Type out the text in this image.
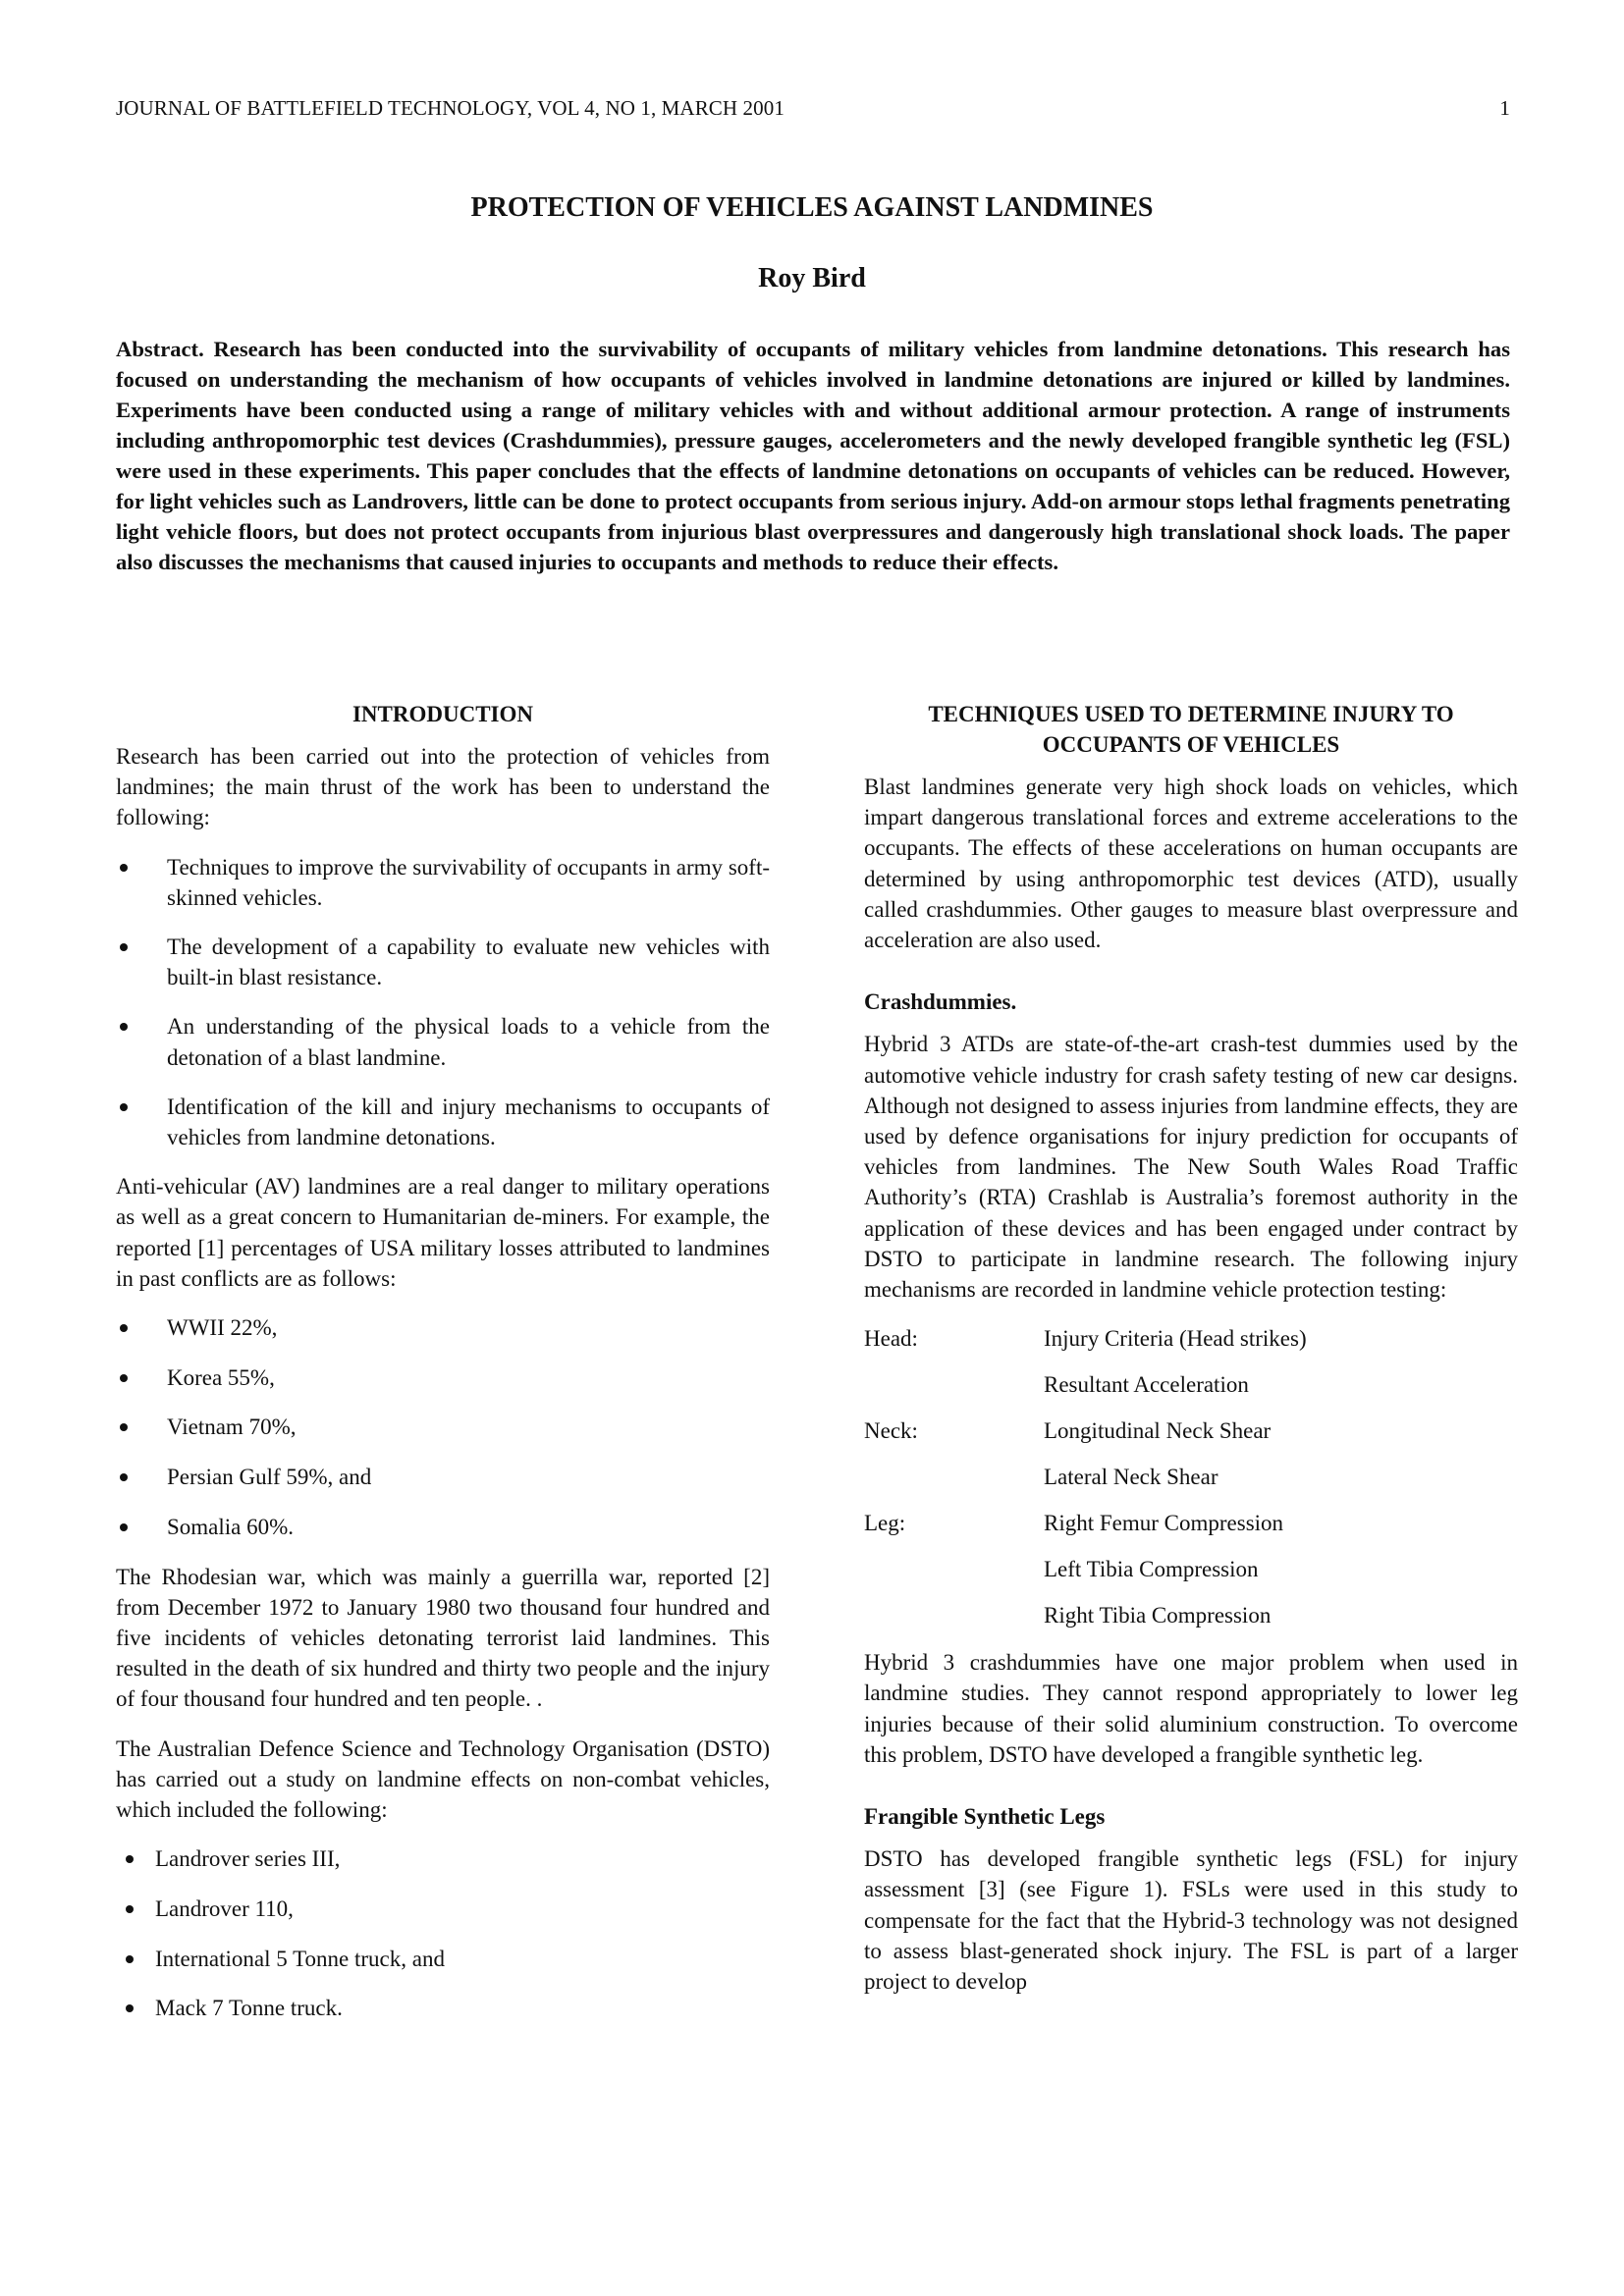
JOURNAL OF BATTLEFIELD TECHNOLOGY, VOL 4, NO 1, MARCH 2001	1
PROTECTION OF VEHICLES AGAINST LANDMINES
Roy Bird
Abstract. Research has been conducted into the survivability of occupants of military vehicles from landmine detonations. This research has focused on understanding the mechanism of how occupants of vehicles involved in landmine detonations are injured or killed by landmines. Experiments have been conducted using a range of military vehicles with and without additional armour protection. A range of instruments including anthropomorphic test devices (Crashdummies), pressure gauges, accelerometers and the newly developed frangible synthetic leg (FSL) were used in these experiments. This paper concludes that the effects of landmine detonations on occupants of vehicles can be reduced. However, for light vehicles such as Landrovers, little can be done to protect occupants from serious injury. Add-on armour stops lethal fragments penetrating light vehicle floors, but does not protect occupants from injurious blast overpressures and dangerously high translational shock loads. The paper also discusses the mechanisms that caused injuries to occupants and methods to reduce their effects.
INTRODUCTION

Research has been carried out into the protection of vehicles from landmines; the main thrust of the work has been to understand the following:

Techniques to improve the survivability of occupants in army soft-skinned vehicles.
The development of a capability to evaluate new vehicles with built-in blast resistance.
An understanding of the physical loads to a vehicle from the detonation of a blast landmine.
Identification of the kill and injury mechanisms to occupants of vehicles from landmine detonations.

Anti-vehicular (AV) landmines are a real danger to military operations as well as a great concern to Humanitarian de-miners. For example, the reported [1] percentages of USA military losses attributed to landmines in past conflicts are as follows:

WWII 22%,
Korea 55%,
Vietnam 70%,
Persian Gulf 59%, and
Somalia 60%.

The Rhodesian war, which was mainly a guerrilla war, reported [2] from December 1972 to January 1980 two thousand four hundred and five incidents of vehicles detonating terrorist laid landmines. This resulted in the death of six hundred and thirty two people and the injury of four thousand four hundred and ten people. .

The Australian Defence Science and Technology Organisation (DSTO) has carried out a study on landmine effects on non-combat vehicles, which included the following:

Landrover series III,
Landrover 110,
International 5 Tonne truck, and
Mack 7 Tonne truck.
TECHNIQUES USED TO DETERMINE INJURY TO OCCUPANTS OF VEHICLES

Blast landmines generate very high shock loads on vehicles, which impart dangerous translational forces and extreme accelerations to the occupants. The effects of these accelerations on human occupants are determined by using anthropomorphic test devices (ATD), usually called crashdummies. Other gauges to measure blast overpressure and acceleration are also used.

Crashdummies.

Hybrid 3 ATDs are state-of-the-art crash-test dummies used by the automotive vehicle industry for crash safety testing of new car designs. Although not designed to assess injuries from landmine effects, they are used by defence organisations for injury prediction for occupants of vehicles from landmines. The New South Wales Road Traffic Authority’s (RTA) Crashlab is Australia’s foremost authority in the application of these devices and has been engaged under contract by DSTO to participate in landmine research. The following injury mechanisms are recorded in landmine vehicle protection testing:

Head:	Injury Criteria (Head strikes)
Resultant Acceleration
Neck:	Longitudinal Neck Shear
Lateral Neck Shear
Leg:	Right Femur Compression
Left Tibia Compression
Right Tibia Compression

Hybrid 3 crashdummies have one major problem when used in landmine studies. They cannot respond appropriately to lower leg injuries because of their solid aluminium construction. To overcome this problem, DSTO have developed a frangible synthetic leg.

Frangible Synthetic Legs

DSTO has developed frangible synthetic legs (FSL) for injury assessment [3] (see Figure 1). FSLs were used in this study to compensate for the fact that the Hybrid-3 technology was not designed to assess blast-generated shock injury. The FSL is part of a larger project to develop
